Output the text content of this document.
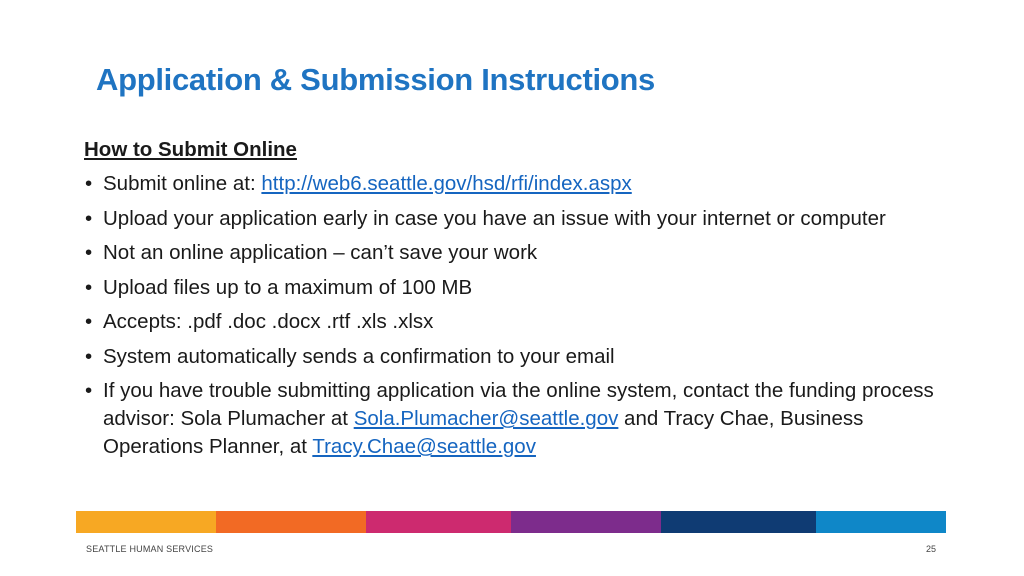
Application & Submission Instructions
How to Submit Online
• Submit online at: http://web6.seattle.gov/hsd/rfi/index.aspx
• Upload your application early in case you have an issue with your internet or computer
• Not an online application – can’t save your work
• Upload files up to a maximum of 100 MB
• Accepts: .pdf .doc .docx .rtf .xls .xlsx
• System automatically sends a confirmation to your email
• If you have trouble submitting application via the online system, contact the funding process advisor: Sola Plumacher at Sola.Plumacher@seattle.gov and Tracy Chae, Business Operations Planner, at Tracy.Chae@seattle.gov
SEATTLE HUMAN SERVICES	25
